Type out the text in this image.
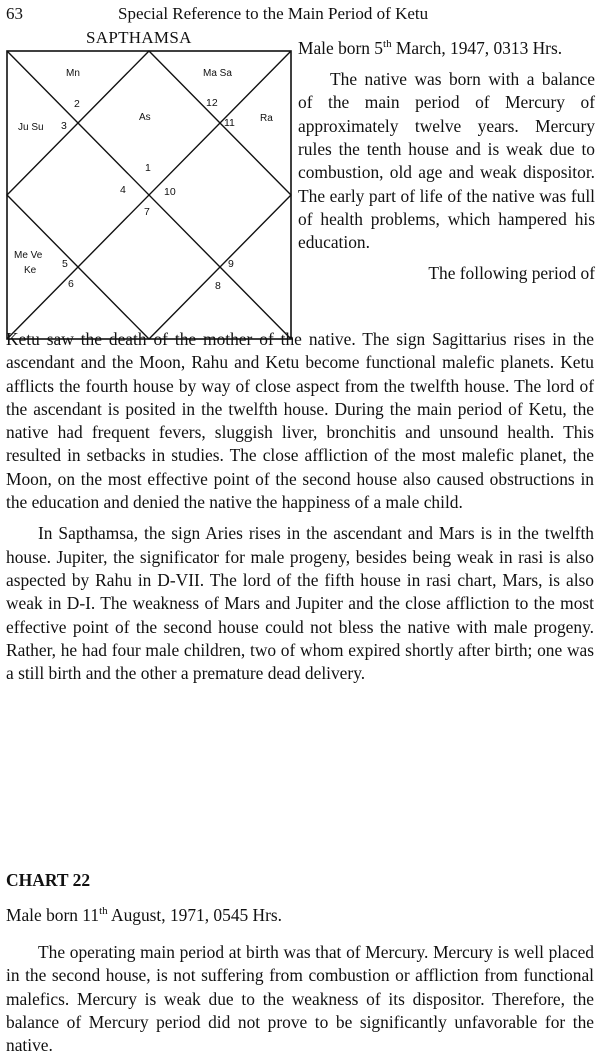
63	Special Reference to the Main Period of Ketu
SAPTHAMSA
Mn	Ma Sa
Ju Su
As	Ra
Me Ve
Ke
1
2
3
4
5
6
7
8
9
10
11
12

Male born 5th March, 1947, 0313 Hrs.

The native was born with a balance of the main period of Mercury of approximately twelve years. Mercury rules the tenth house and is weak due to combustion, old age and weak dispositor. The early part of life of the native was full of health problems, which hampered his education.

The following period of

Ketu saw the death of the mother of the native. The sign Sagittarius rises in the ascendant and the Moon, Rahu and Ketu become functional malefic planets. Ketu afflicts the fourth house by way of close aspect from the twelfth house. The lord of the ascendant is posited in the twelfth house. During the main period of Ketu, the native had frequent fevers, sluggish liver, bronchitis and unsound health. This resulted in setbacks in studies. The close affliction of the most malefic planet, the Moon, on the most effective point of the second house also caused obstructions in the education and denied the native the happiness of a male child.

In Sapthamsa, the sign Aries rises in the ascendant and Mars is in the twelfth house. Jupiter, the significator for male progeny, besides being weak in rasi is also aspected by Rahu in D-VII. The lord of the fifth house in rasi chart, Mars, is also weak in D-I. The weakness of Mars and Jupiter and the close affliction to the most effective point of the second house could not bless the native with male progeny. Rather, he had four male children, two of whom expired shortly after birth; one was a still birth and the other a premature dead delivery.

CHART 22
Male born 11th August, 1971, 0545 Hrs.

The operating main period at birth was that of Mercury. Mercury is well placed in the second house, is not suffering from combustion or affliction from functional malefics. Mercury is weak due to the weakness of its dispositor. Therefore, the balance of Mercury period did not prove to be significantly unfavorable for the native.
